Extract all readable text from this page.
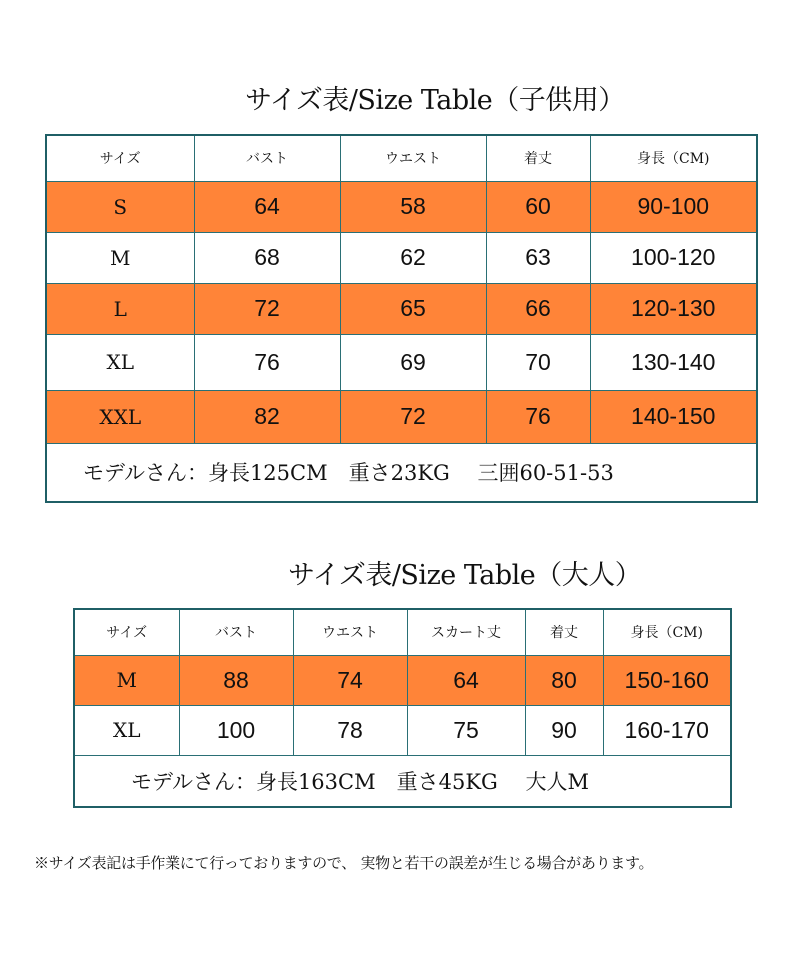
サイズ表/Size Table（子供用）
サイズ	バスト	ウエスト	着丈	身長（CM)
S	64	58	60	90-100
M	68	62	63	100-120
L	72	65	66	120-130
XL	76	69	70	130-140
XXL	82	72	76	140-150
モデルさん：身長125CM　重さ23KG　 三囲60-51-53				
サイズ表/Size Table（大人）
サイズ	バスト	ウエスト	スカート丈	着丈	身長（CM)
M	88	74	64	80	150-160
XL	100	78	75	90	160-170
モデルさん：身長163CM　重さ45KG　 大人M					
※サイズ表記は手作業にて行っておりますので、 実物と若干の誤差が生じる場合があります。
